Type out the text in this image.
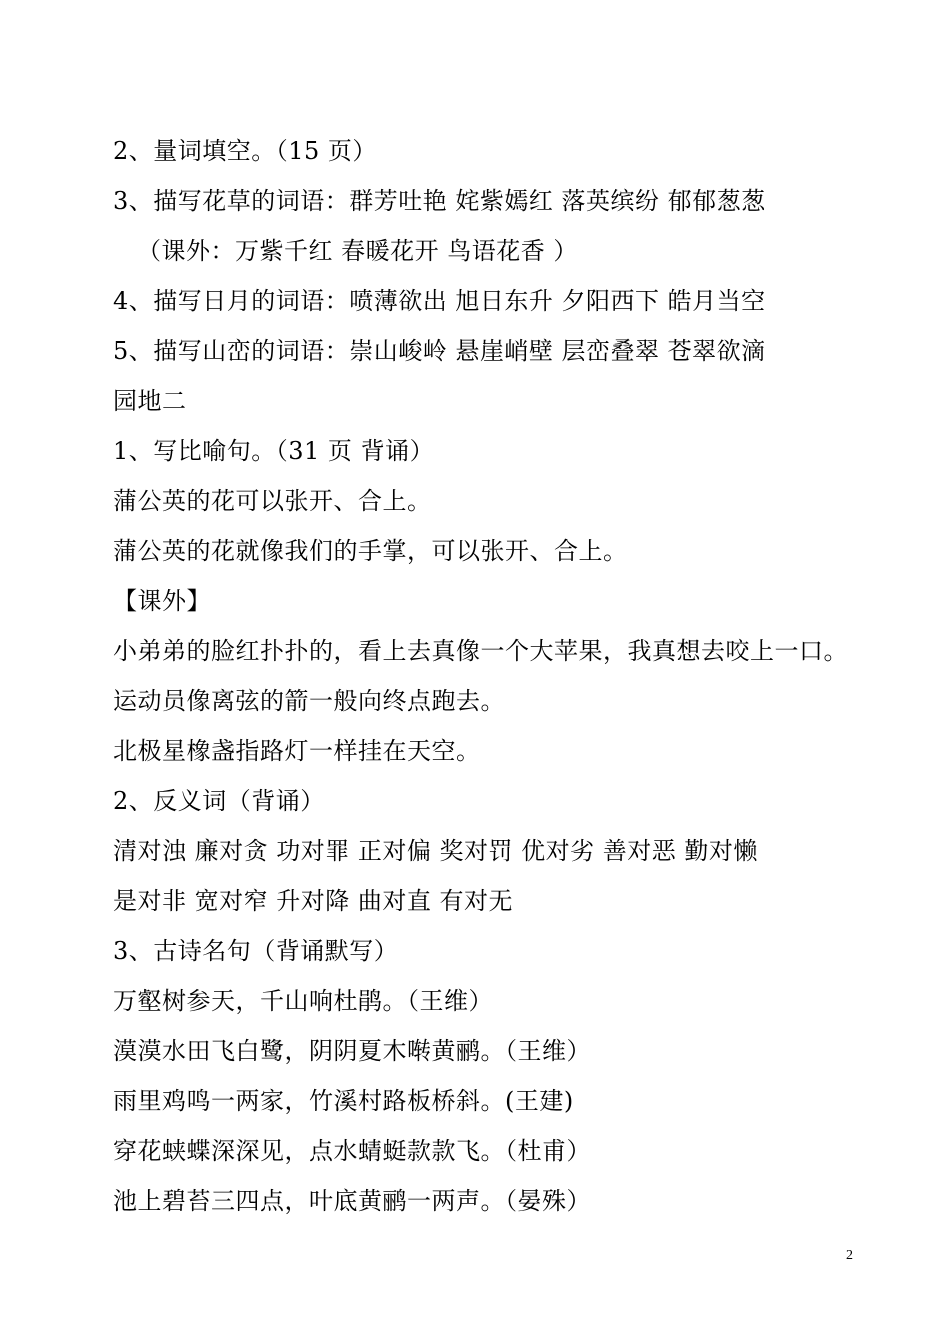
2、量词填空。（15 页）
3、描写花草的词语：群芳吐艳 姹紫嫣红 落英缤纷 郁郁葱葱
（课外：万紫千红 春暖花开 鸟语花香 ）
4、描写日月的词语：喷薄欲出 旭日东升 夕阳西下 皓月当空
5、描写山峦的词语：崇山峻岭 悬崖峭壁 层峦叠翠 苍翠欲滴
园地二
1、写比喻句。（31 页 背诵）
蒲公英的花可以张开、合上。
蒲公英的花就像我们的手掌，可以张开、合上。
【课外】
小弟弟的脸红扑扑的，看上去真像一个大苹果，我真想去咬上一口。
运动员像离弦的箭一般向终点跑去。
北极星橡盏指路灯一样挂在天空。
2、反义词（背诵）
清对浊 廉对贪 功对罪 正对偏 奖对罚 优对劣 善对恶 勤对懒
是对非 宽对窄 升对降 曲对直 有对无
3、古诗名句（背诵默写）
万壑树参天，千山响杜鹃。（王维）
漠漠水田飞白鹭，阴阴夏木啭黄鹂。（王维）
雨里鸡鸣一两家，竹溪村路板桥斜。(王建)
穿花蛱蝶深深见，点水蜻蜓款款飞。（杜甫）
池上碧苔三四点，叶底黄鹂一两声。（晏殊）
2
